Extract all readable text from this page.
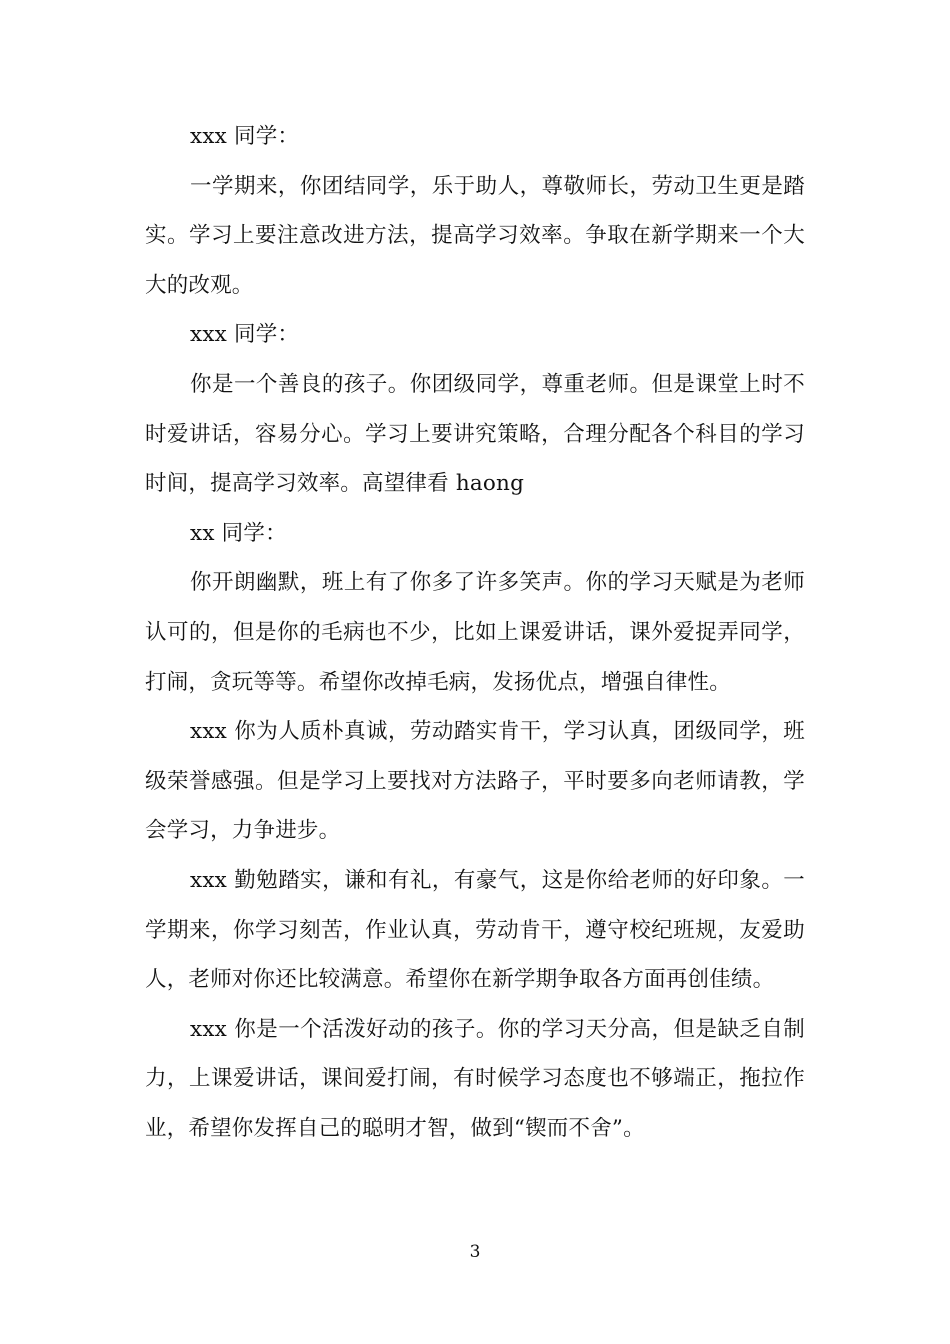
xxx 同学：

一学期来，你团结同学，乐于助人，尊敬师长，劳动卫生更是踏实。学习上要注意改进方法，提高学习效率。争取在新学期来一个大大的改观。

xxx 同学：

你是一个善良的孩子。你团级同学，尊重老师。但是课堂上时不时爱讲话，容易分心。学习上要讲究策略，合理分配各个科目的学习时间，提高学习效率。高望律看 haong

xx 同学：

你开朗幽默，班上有了你多了许多笑声。你的学习天赋是为老师认可的，但是你的毛病也不少，比如上课爱讲话，课外爱捉弄同学，打闹，贪玩等等。希望你改掉毛病，发扬优点，增强自律性。

xxx 你为人质朴真诚，劳动踏实肯干，学习认真，团级同学，班级荣誉感强。但是学习上要找对方法路子，平时要多向老师请教，学会学习，力争进步。

xxx 勤勉踏实，谦和有礼，有豪气，这是你给老师的好印象。一学期来，你学习刻苦，作业认真，劳动肯干，遵守校纪班规，友爱助人，老师对你还比较满意。希望你在新学期争取各方面再创佳绩。

xxx 你是一个活泼好动的孩子。你的学习天分高，但是缺乏自制力，上课爱讲话，课间爱打闹，有时候学习态度也不够端正，拖拉作业，希望你发挥自己的聪明才智，做到“锲而不舍”。

3
